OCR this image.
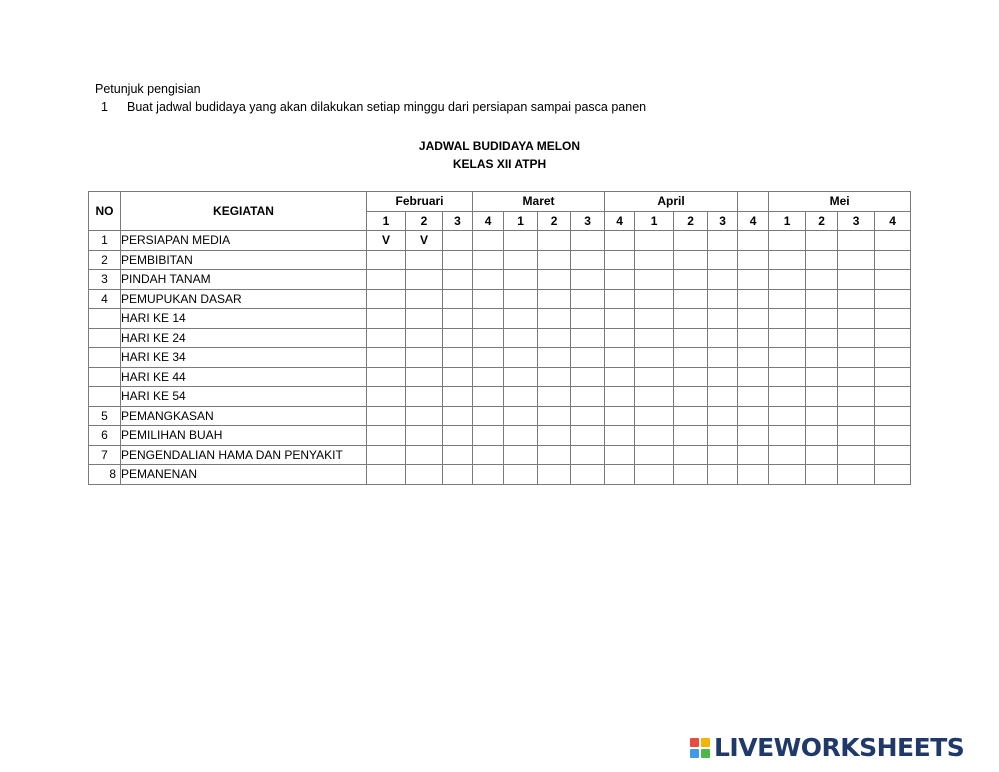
Petunjuk pengisian
1	Buat jadwal budidaya yang akan dilakukan setiap minggu dari persiapan sampai pasca panen
JADWAL BUDIDAYA MELON
KELAS XII ATPH
NO	KEGIATAN	Februari			Maret				April					Mei			
		1	2	3	4	1	2	3	4	1	2	3	4	1	2	3	4
1	PERSIAPAN MEDIA	V	V														
2	PEMBIBITAN																
3	PINDAH TANAM																
4	PEMUPUKAN DASAR																
	HARI KE 14																
	HARI KE 24																
	HARI KE 34																
	HARI KE 44																
	HARI KE 54																
5	PEMANGKASAN																
6	PEMILIHAN BUAH																
7	PENGENDALIAN HAMA DAN PENYAKIT																
8	PEMANENAN																
LIVEWORKSHEETS
